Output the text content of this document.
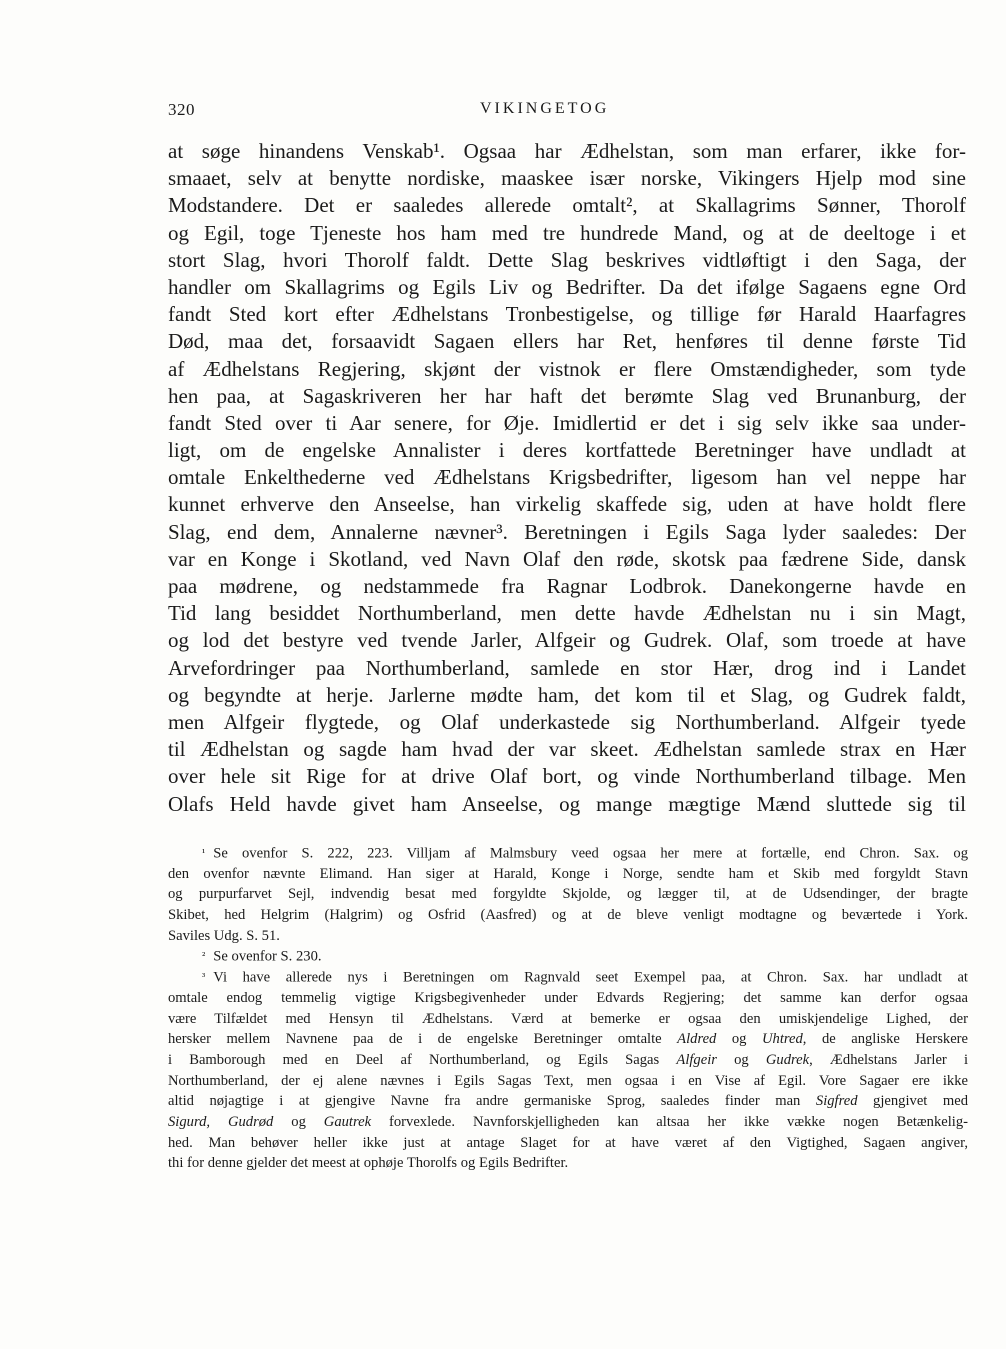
320	VIKINGETOG
at søge hinandens Venskab¹. Ogsaa har Ædhelstan, som man erfarer, ikke for-
smaaet, selv at benytte nordiske, maaskee især norske, Vikingers Hjelp mod sine
Modstandere. Det er saaledes allerede omtalt², at Skallagrims Sønner, Thorolf
og Egil, toge Tjeneste hos ham med tre hundrede Mand, og at de deeltoge i et
stort Slag, hvori Thorolf faldt. Dette Slag beskrives vidtløftigt i den Saga, der
handler om Skallagrims og Egils Liv og Bedrifter. Da det ifølge Sagaens egne Ord
fandt Sted kort efter Ædhelstans Tronbestigelse, og tillige før Harald Haarfagres
Død, maa det, forsaavidt Sagaen ellers har Ret, henføres til denne første Tid
af Ædhelstans Regjering, skjønt der vistnok er flere Omstændigheder, som tyde
hen paa, at Sagaskriveren her har haft det berømte Slag ved Brunanburg, der
fandt Sted over ti Aar senere, for Øje. Imidlertid er det i sig selv ikke saa under-
ligt, om de engelske Annalister i deres kortfattede Beretninger have undladt at
omtale Enkelthederne ved Ædhelstans Krigsbedrifter, ligesom han vel neppe har
kunnet erhverve den Anseelse, han virkelig skaffede sig, uden at have holdt flere
Slag, end dem, Annalerne nævner³. Beretningen i Egils Saga lyder saaledes: Der
var en Konge i Skotland, ved Navn Olaf den røde, skotsk paa fædrene Side, dansk
paa mødrene, og nedstammede fra Ragnar Lodbrok. Danekongerne havde en
Tid lang besiddet Northumberland, men dette havde Ædhelstan nu i sin Magt,
og lod det bestyre ved tvende Jarler, Alfgeir og Gudrek. Olaf, som troede at have
Arvefordringer paa Northumberland, samlede en stor Hær, drog ind i Landet
og begyndte at herje. Jarlerne mødte ham, det kom til et Slag, og Gudrek faldt,
men Alfgeir flygtede, og Olaf underkastede sig Northumberland. Alfgeir tyede
til Ædhelstan og sagde ham hvad der var skeet. Ædhelstan samlede strax en Hær
over hele sit Rige for at drive Olaf bort, og vinde Northumberland tilbage. Men
Olafs Held havde givet ham Anseelse, og mange mægtige Mænd sluttede sig til
¹ Se ovenfor S. 222, 223. Villjam af Malmsbury veed ogsaa her mere at fortælle, end Chron. Sax. og
den ovenfor nævnte Elimand. Han siger at Harald, Konge i Norge, sendte ham et Skib med forgyldt Stavn
og purpurfarvet Sejl, indvendig besat med forgyldte Skjolde, og lægger til, at de Udsendinger, der bragte
Skibet, hed Helgrim (Halgrim) og Osfrid (Aasfred) og at de bleve venligt modtagne og beværtede i York.
Saviles Udg. S. 51.
² Se ovenfor S. 230.
³ Vi have allerede nys i Beretningen om Ragnvald seet Exempel paa, at Chron. Sax. har undladt at
omtale endog temmelig vigtige Krigsbegivenheder under Edvards Regjering; det samme kan derfor ogsaa
være Tilfældet med Hensyn til Ædhelstans. Værd at bemerke er ogsaa den umiskjendelige Lighed, der
hersker mellem Navnene paa de i de engelske Beretninger omtalte Aldred og Uhtred, de angliske Herskere
i Bamborough med en Deel af Northumberland, og Egils Sagas Alfgeir og Gudrek, Ædhelstans Jarler i
Northumberland, der ej alene nævnes i Egils Sagas Text, men ogsaa i en Vise af Egil. Vore Sagaer ere ikke
altid nøjagtige i at gjengive Navne fra andre germaniske Sprog, saaledes finder man Sigfred gjengivet med
Sigurd, Gudrød og Gautrek forvexlede. Navnforskjelligheden kan altsaa her ikke vække nogen Betænkelig-
hed. Man behøver heller ikke just at antage Slaget for at have været af den Vigtighed, Sagaen angiver,
thi for denne gjelder det meest at ophøje Thorolfs og Egils Bedrifter.
